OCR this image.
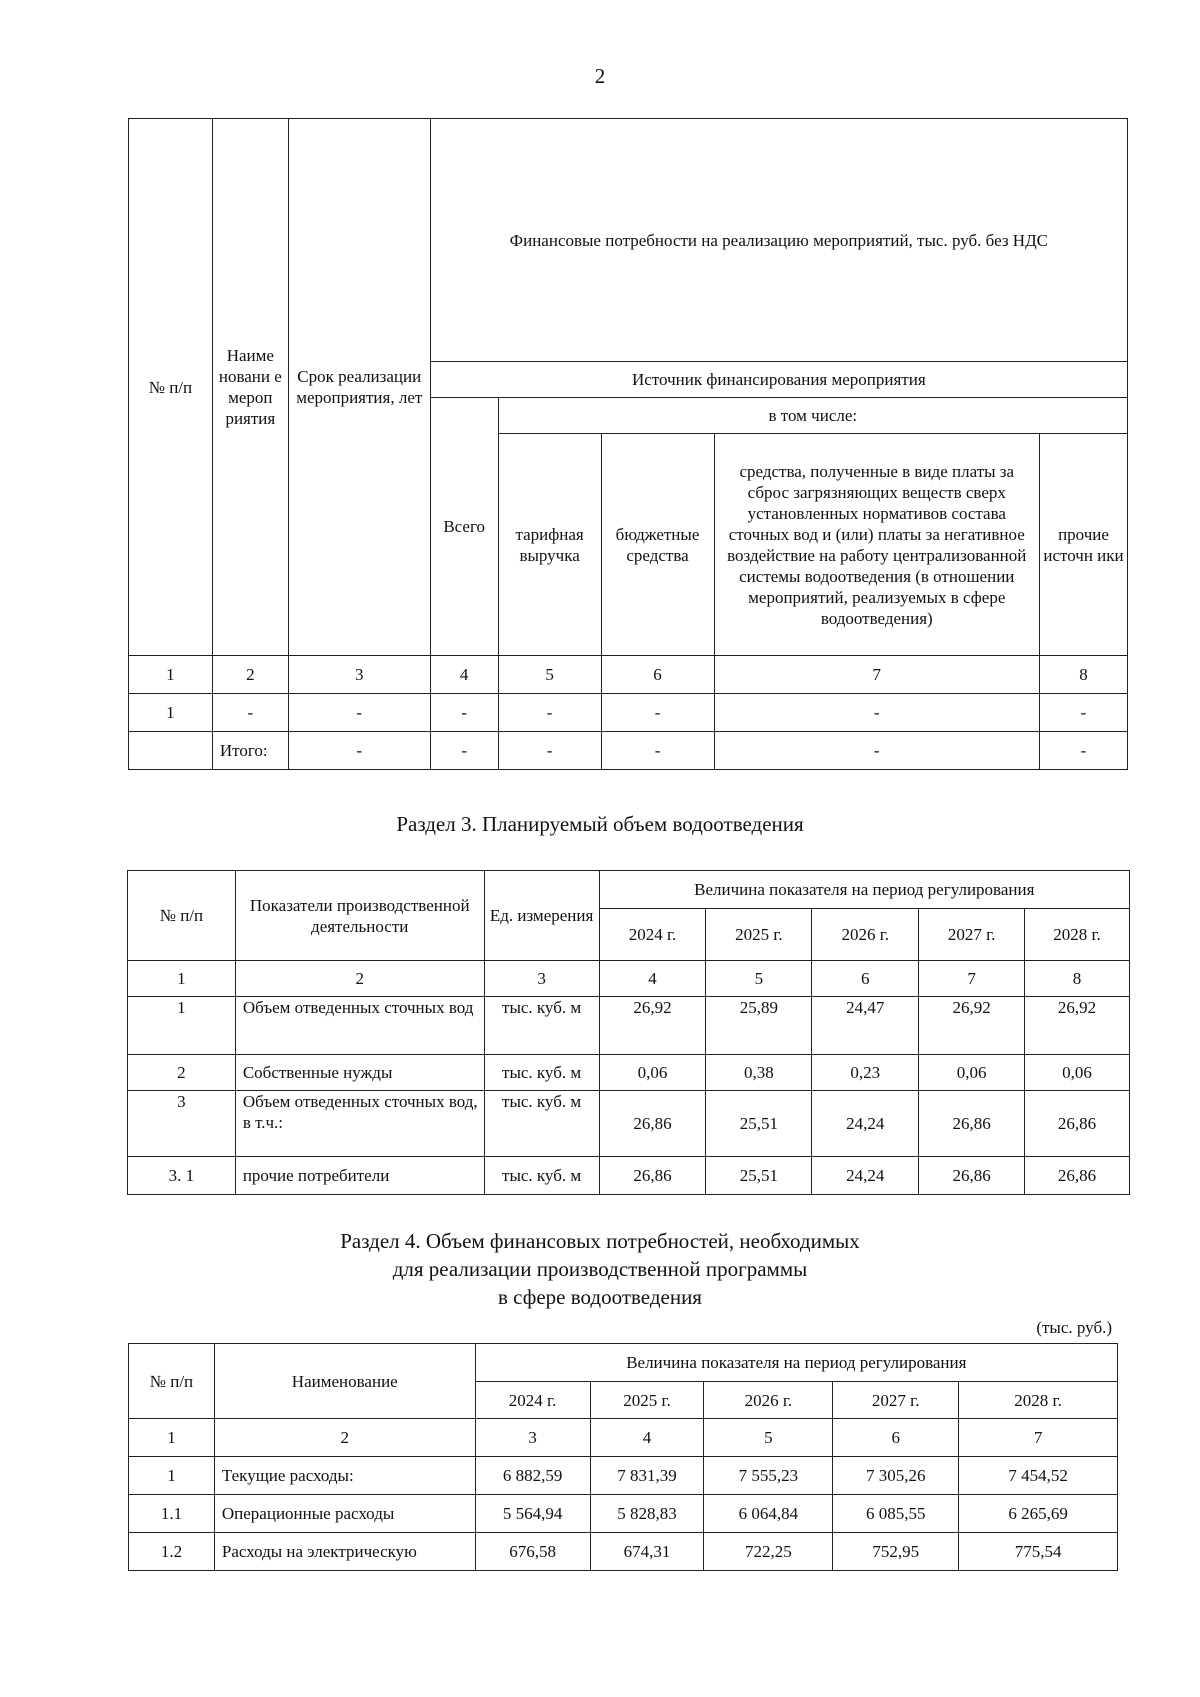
2
№ п/п	Наиме новани е мероп риятия	Срок реализации мероприятия, лет	Финансовые потребности на реализацию мероприятий, тыс. руб. без НДС				
			Источник финансирования мероприятия				
			Всего	в том числе:			
				тарифная выручка	бюджетные средства	средства, полученные в виде платы за сброс загрязняющих веществ сверх установленных нормативов состава сточных вод и (или) платы за негативное воздействие на работу централизованной системы водоотведения (в отношении мероприятий, реализуемых в сфере водоотведения)	прочие источн ики
1	2	3	4	5	6	7	8
1	-	-	-	-	-	-	-
	Итого:	-	-	-	-	-	-
Раздел 3. Планируемый объем водоотведения
№ п/п	Показатели производственной деятельности	Ед. измерения	Величина показателя на период регулирования				
			2024 г.	2025 г.	2026 г.	2027 г.	2028 г.
1	2	3	4	5	6	7	8
1	Объем отведенных сточных вод	тыс. куб. м	26,92	25,89	24,47	26,92	26,92
2	Собственные нужды	тыс. куб. м	0,06	0,38	0,23	0,06	0,06
3	Объем отведенных сточных вод, в т.ч.:	тыс. куб. м	26,86	25,51	24,24	26,86	26,86
3. 1	прочие потребители	тыс. куб. м	26,86	25,51	24,24	26,86	26,86
Раздел 4. Объем финансовых потребностей, необходимых
для реализации производственной программы
в сфере водоотведения
(тыс. руб.)
№ п/п	Наименование	Величина показателя на период регулирования				
		2024 г.	2025 г.	2026 г.	2027 г.	2028 г.
1	2	3	4	5	6	7
1	Текущие расходы:	6 882,59	7 831,39	7 555,23	7 305,26	7 454,52
1.1	Операционные расходы	5 564,94	5 828,83	6 064,84	6 085,55	6 265,69
1.2	Расходы на электрическую	676,58	674,31	722,25	752,95	775,54
